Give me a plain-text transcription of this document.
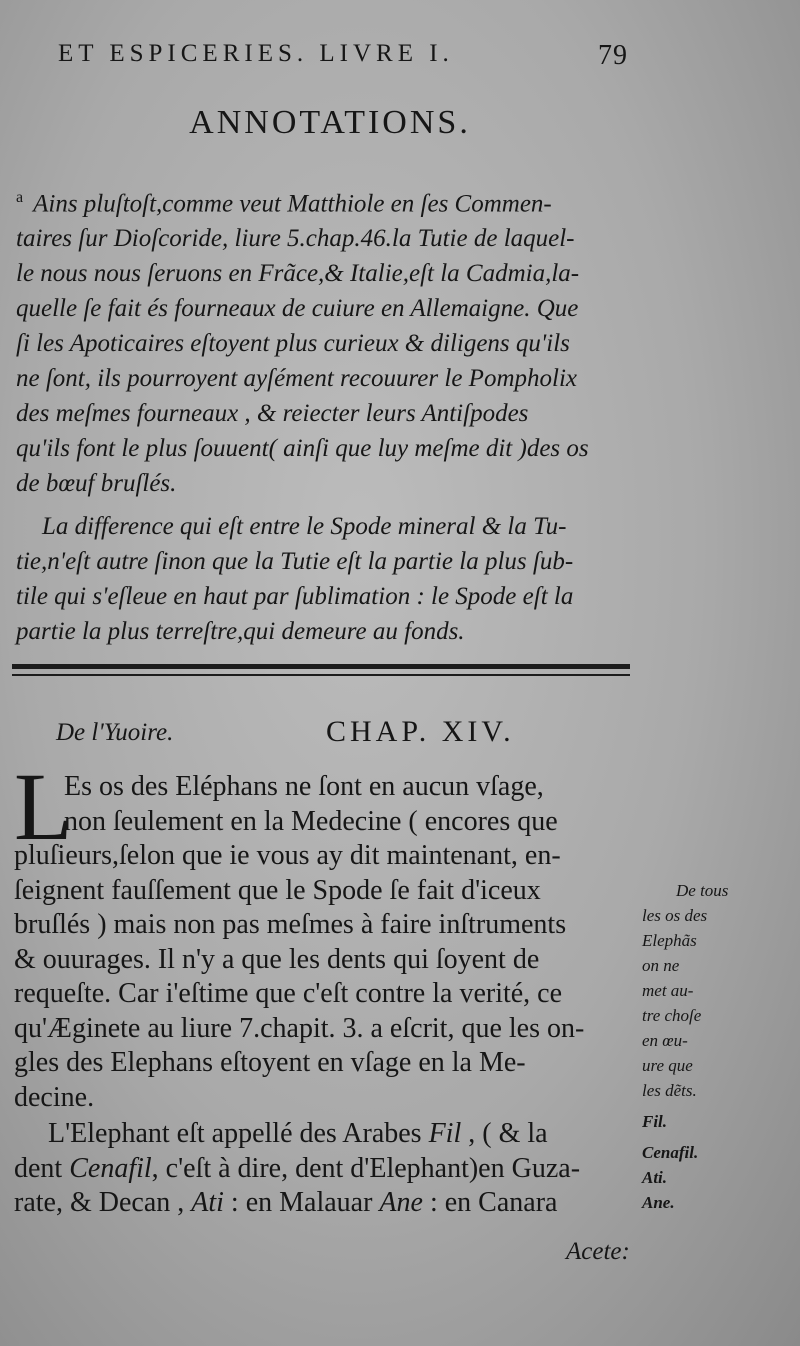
ET ESPICERIES. LIVRE I.	79
ANNOTATIONS.

$^a$ Ains pluſtoſt,comme veut Matthiole en ſes Commen-
taires ſur Dioſcoride, liure 5.chap.46.la Tutie de laquel-
le nous nous ſeruons en Frãce,& Italie,eſt la Cadmia,la-
quelle ſe fait és fourneaux de cuiure en Allemaigne. Que
ſi les Apoticaires eſtoyent plus curieux & diligens qu'ils
ne ſont, ils pourroyent ayſément recouurer le Pompholix
des meſmes fourneaux , & reiecter leurs Antiſpodes
qu'ils font le plus ſouuent( ainſi que luy meſme dit )des os
de bœuf bruſlés.

La difference qui eſt entre le Spode mineral & la Tu-
tie,n'eſt autre ſinon que la Tutie eſt la partie la plus ſub-
tile qui s'eſleue en haut par ſublimation : le Spode eſt la
partie la plus terreſtre,qui demeure au fonds.

De l'Yuoire.	CHAP. XIV.
L
Es os des Eléphans ne ſont en aucun vſage,
non ſeulement en la Medecine ( encores que
pluſieurs,ſelon que ie vous ay dit maintenant, en-
ſeignent fauſſement que le Spode ſe fait d'iceux
bruſlés ) mais non pas meſmes à faire inſtruments
& ouurages. Il n'y a que les dents qui ſoyent de
requeſte. Car i'eſtime que c'eſt contre la verité, ce
qu'Æginete au liure 7.chapit. 3. a eſcrit, que les on-
gles des Elephans eſtoyent en vſage en la Me-
decine.
L'Elephant eſt appellé des Arabes Fil , ( & la
dent Cenafil, c'eſt à dire, dent d'Elephant)en Guza-
rate, & Decan , Ati : en Malauar Ane : en Canara
De tous
les os des
Elephãs
on ne
met au-
tre choſe
en œu-
ure que
les dẽts.
Fil.
Cenafil.
Ati.
Ane.
Acete:
